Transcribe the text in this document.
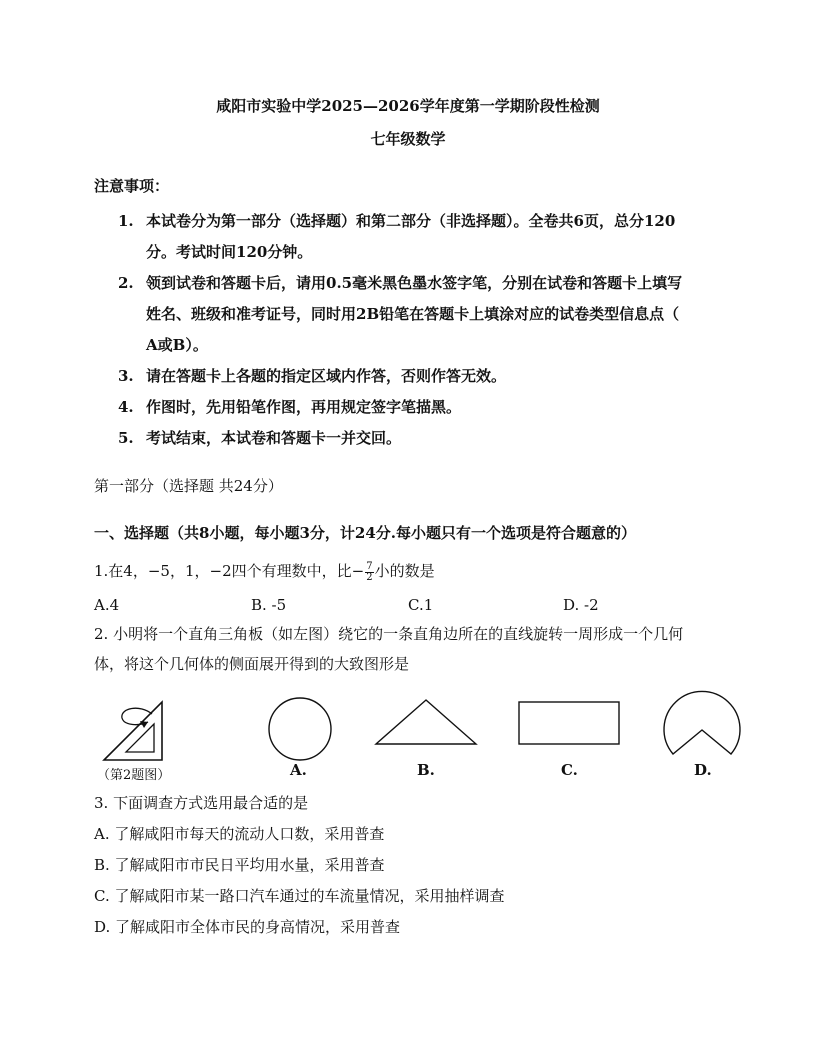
咸阳市实验中学2025—2026学年度第一学期阶段性检测
七年级数学
注意事项：
1. 本试卷分为第一部分（选择题）和第二部分（非选择题）。全卷共6页，总分120
分。考试时间120分钟。
2. 领到试卷和答题卡后，请用0.5毫米黑色墨水签字笔，分别在试卷和答题卡上填写
姓名、班级和准考证号，同时用2B铅笔在答题卡上填涂对应的试卷类型信息点（
A或B）。
3. 请在答题卡上各题的指定区域内作答，否则作答无效。
4. 作图时，先用铅笔作图，再用规定签字笔描黑。
5. 考试结束，本试卷和答题卡一并交回。
第一部分（选择题 共24分）
一、选择题（共8小题，每小题3分，计24分.每小题只有一个选项是符合题意的）
1.在4，−5，1，−2四个有理数中，比− $\frac{7}{2}$ 小的数是
A.4	B. -5	C.1	D. -2
2. 小明将一个直角三角板（如左图）绕它的一条直角边所在的直线旋转一周形成一个几何
体，将这个几何体的侧面展开得到的大致图形是
（第2题图）	A.	B.	C.	D.
3. 下面调查方式选用最合适的是
A. 了解咸阳市每天的流动人口数，采用普查
B. 了解咸阳市市民日平均用水量，采用普查
C. 了解咸阳市某一路口汽车通过的车流量情况，采用抽样调查
D. 了解咸阳市全体市民的身高情况，采用普查
